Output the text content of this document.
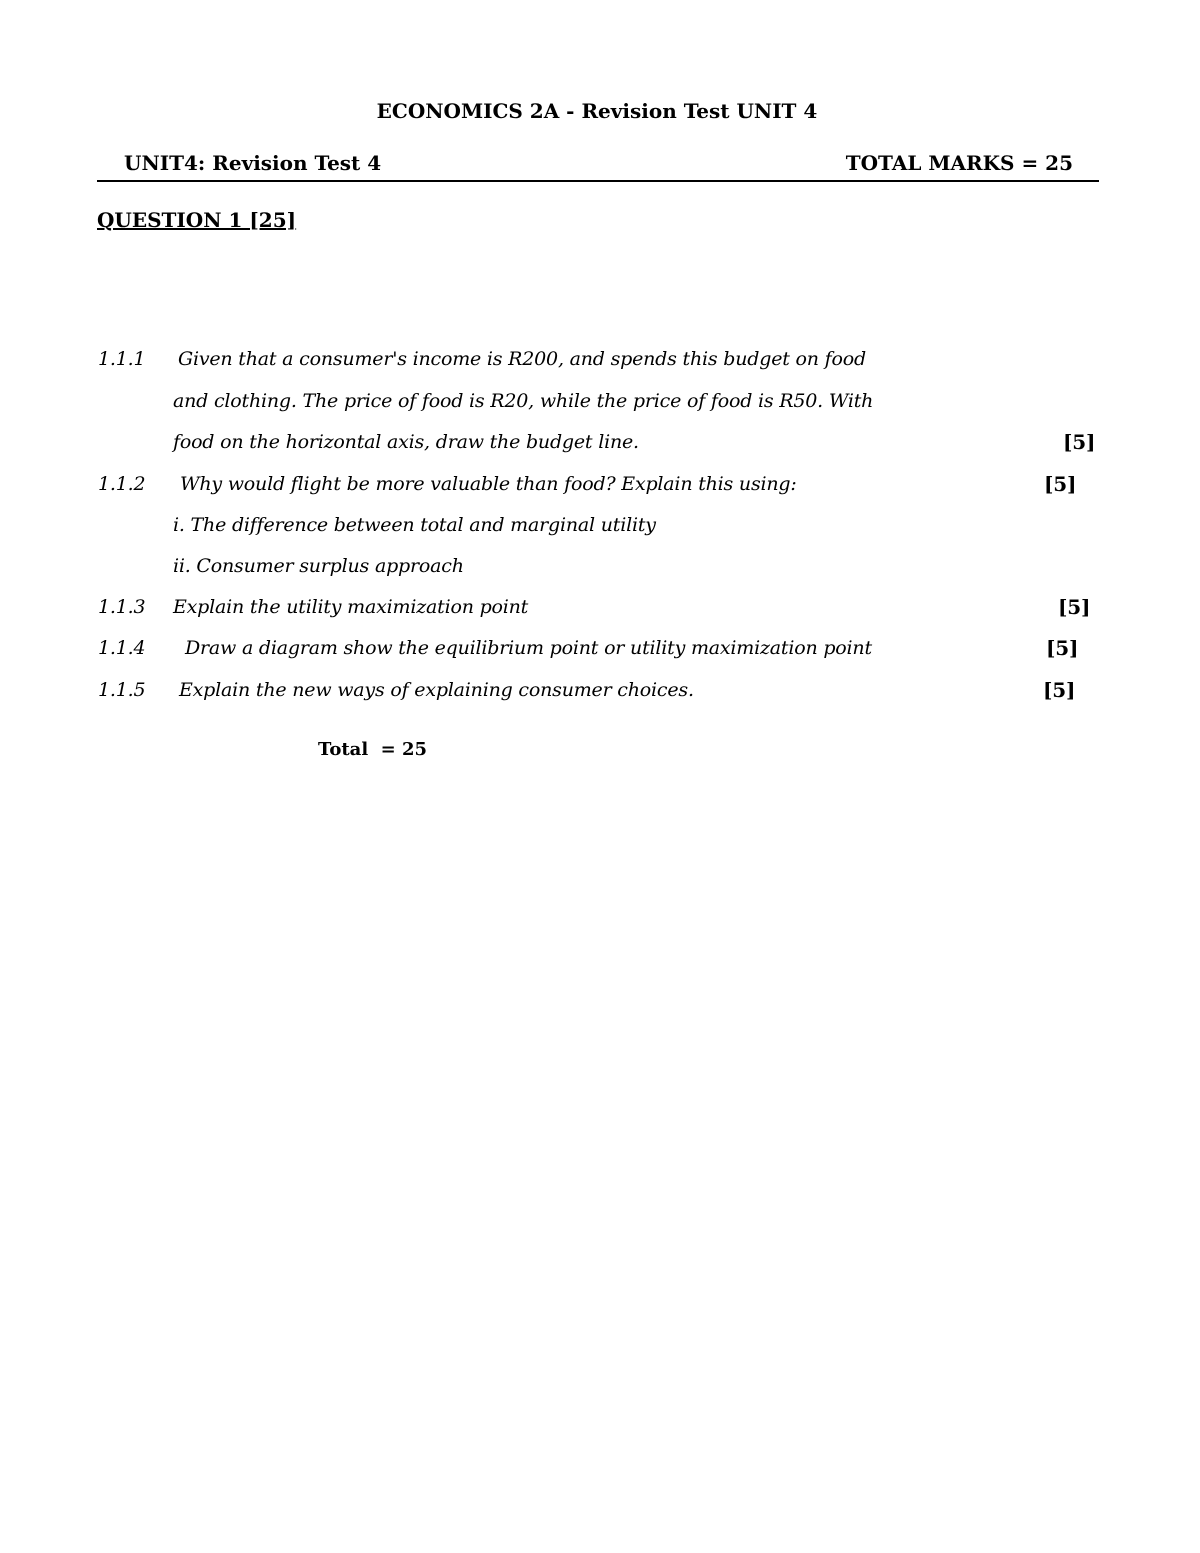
ECONOMICS 2A - Revision Test UNIT 4
UNIT4: Revision Test 4	TOTAL MARKS = 25
QUESTION 1 [25]
1.1.1 Given that a consumer's income is R200, and spends this budget on food
and clothing. The price of food is R20, while the price of food is R50. With
food on the horizontal axis, draw the budget line.	[5]
1.1.2 Why would flight be more valuable than food? Explain this using:	[5]
i. The difference between total and marginal utility
ii. Consumer surplus approach
1.1.3 Explain the utility maximization point	[5]
1.1.4 Draw a diagram show the equilibrium point or utility maximization point	[5]
1.1.5 Explain the new ways of explaining consumer choices.	[5]
Total  = 25
